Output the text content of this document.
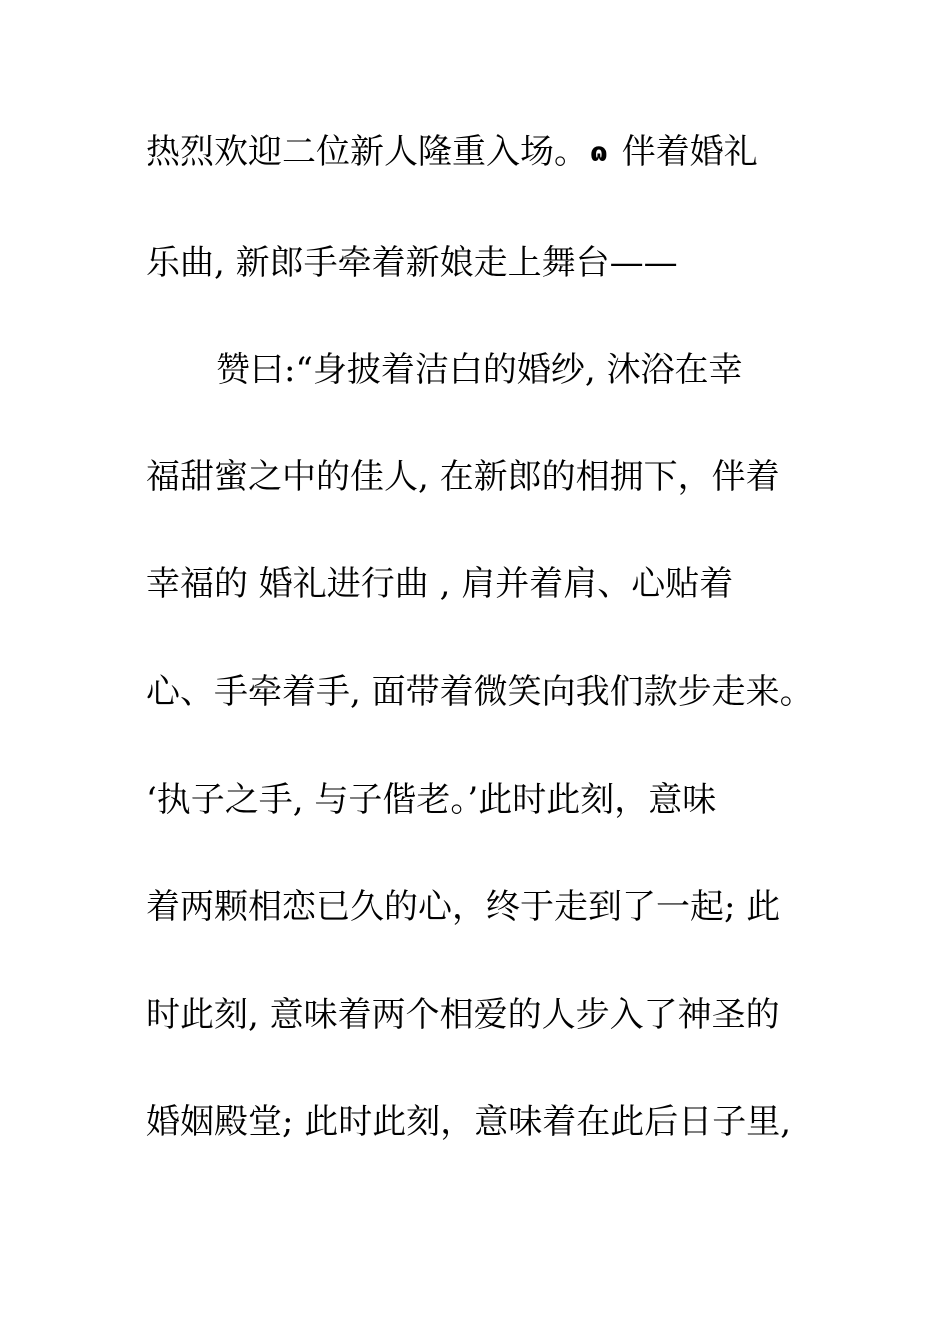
热烈欢迎二位新人隆重入场。ɷ 伴着婚礼
乐曲, 新郎手牵着新娘走上舞台——
赞曰:“身披着洁白的婚纱, 沐浴在幸
福甜蜜之中的佳人, 在新郎的相拥下，伴着
幸福的 婚礼进行曲 , 肩并着肩、心贴着
心、手牵着手, 面带着微笑向我们款步走来。
‘执子之手, 与子偕老。’此时此刻，意味
着两颗相恋已久的心，终于走到了一起; 此
时此刻, 意味着两个相爱的人步入了神圣的
婚姻殿堂; 此时此刻，意味着在此后日子里,
